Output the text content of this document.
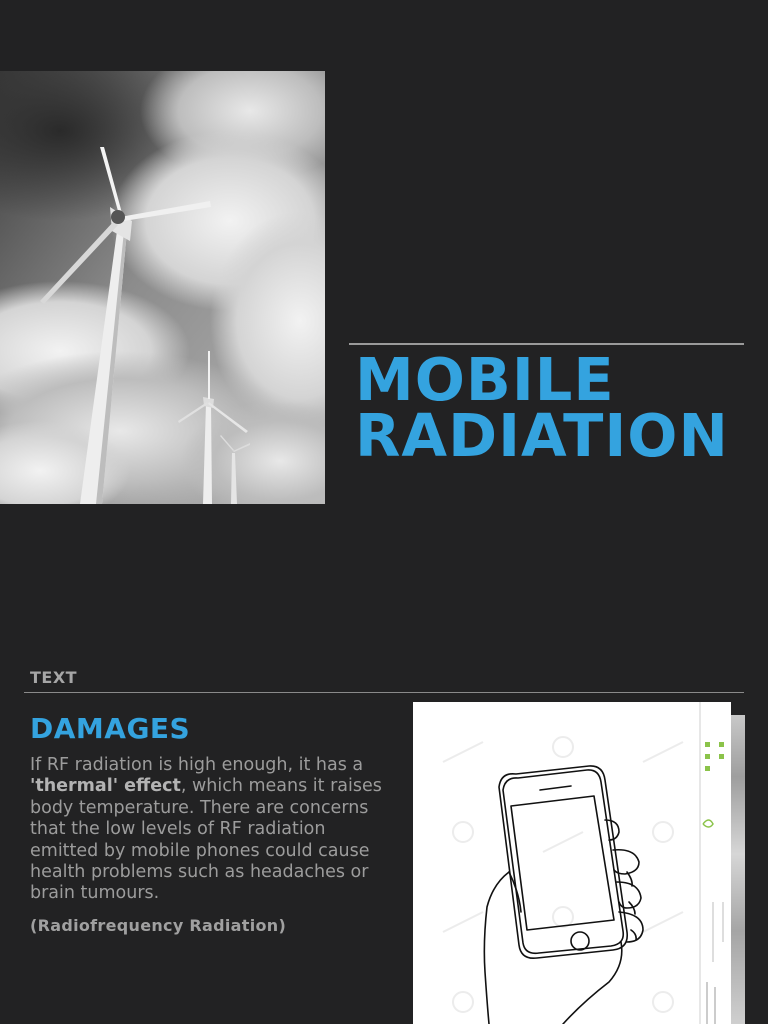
MOBILE
RADIATION
TEXT
DAMAGES

If RF radiation is high enough, it has a 'thermal' effect, which means it raises body temperature. There are concerns that the low levels of RF radiation emitted by mobile phones could cause health problems such as headaches or brain tumours.

(Radiofrequency Radiation)
